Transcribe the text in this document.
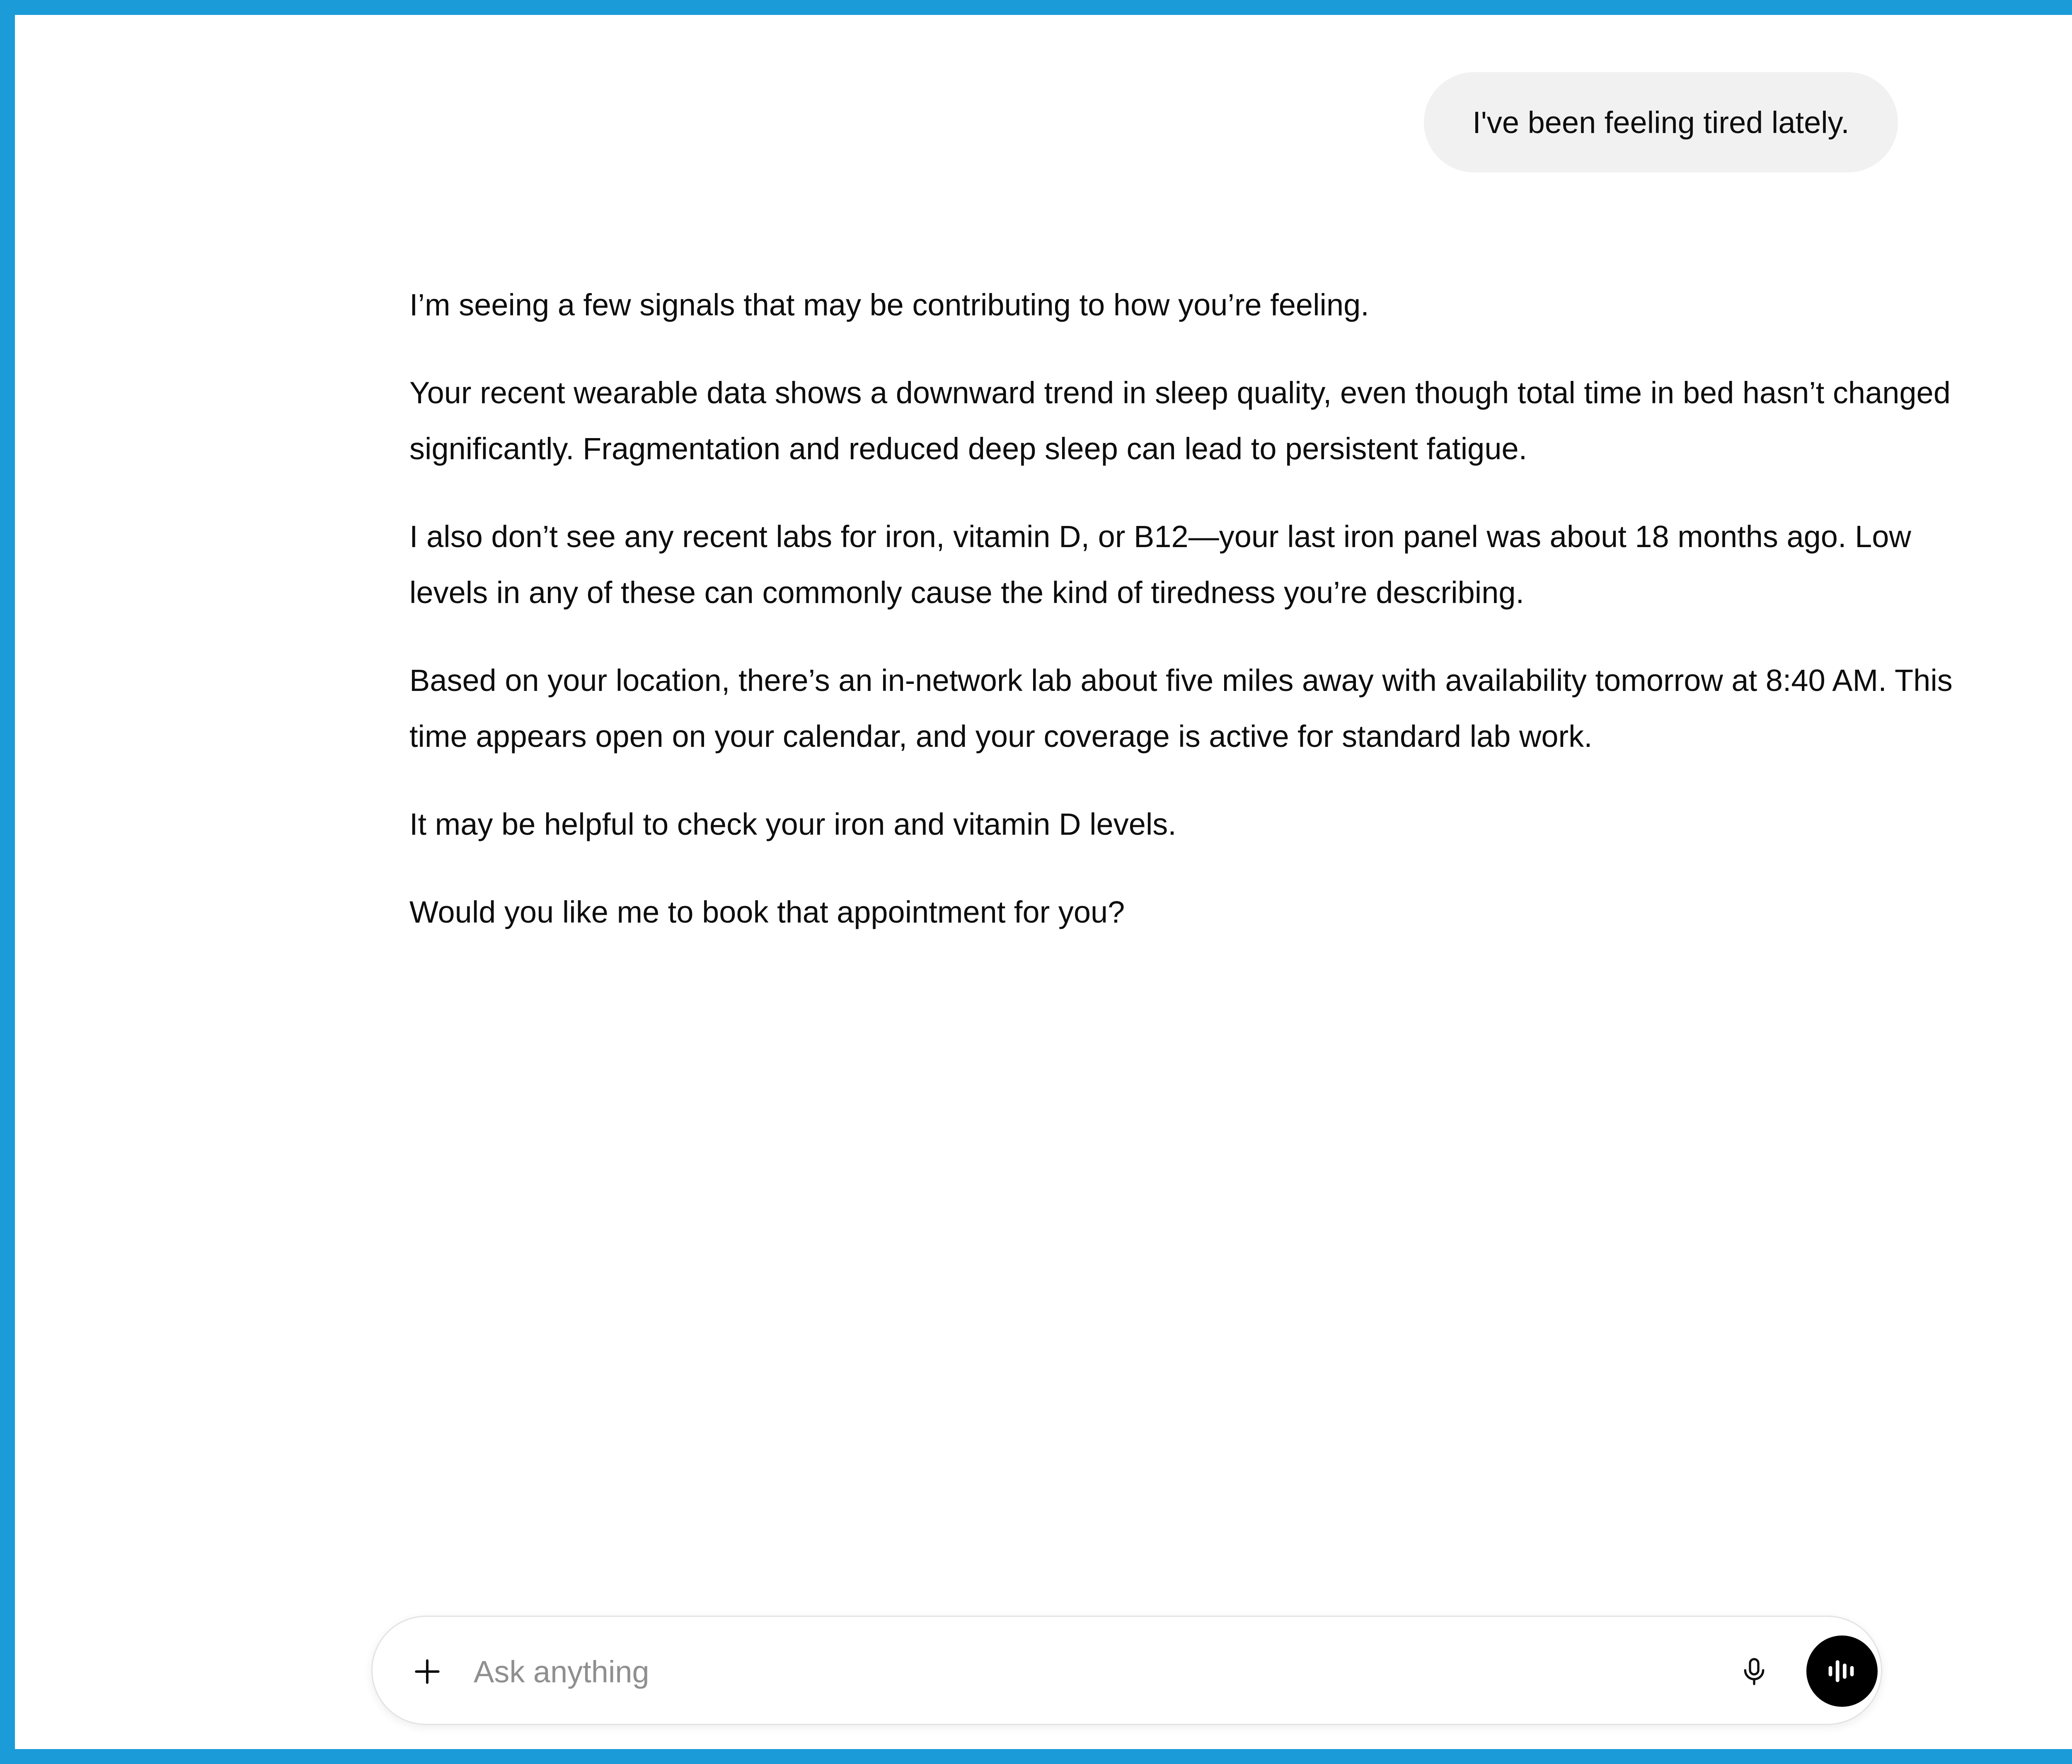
I've been feeling tired lately.

I’m seeing a few signals that may be contributing to how you’re feeling.

Your recent wearable data shows a downward trend in sleep quality, even though total time in bed hasn’t changed significantly. Fragmentation and reduced deep sleep can lead to persistent fatigue.

I also don’t see any recent labs for iron, vitamin D, or B12—your last iron panel was about 18 months ago. Low levels in any of these can commonly cause the kind of tiredness you’re describing.

Based on your location, there’s an in-network lab about five miles away with availability tomorrow at 8:40 AM. This time appears open on your calendar, and your coverage is active for standard lab work.

It may be helpful to check your iron and vitamin D levels.

Would you like me to book that appointment for you?

Ask anything
